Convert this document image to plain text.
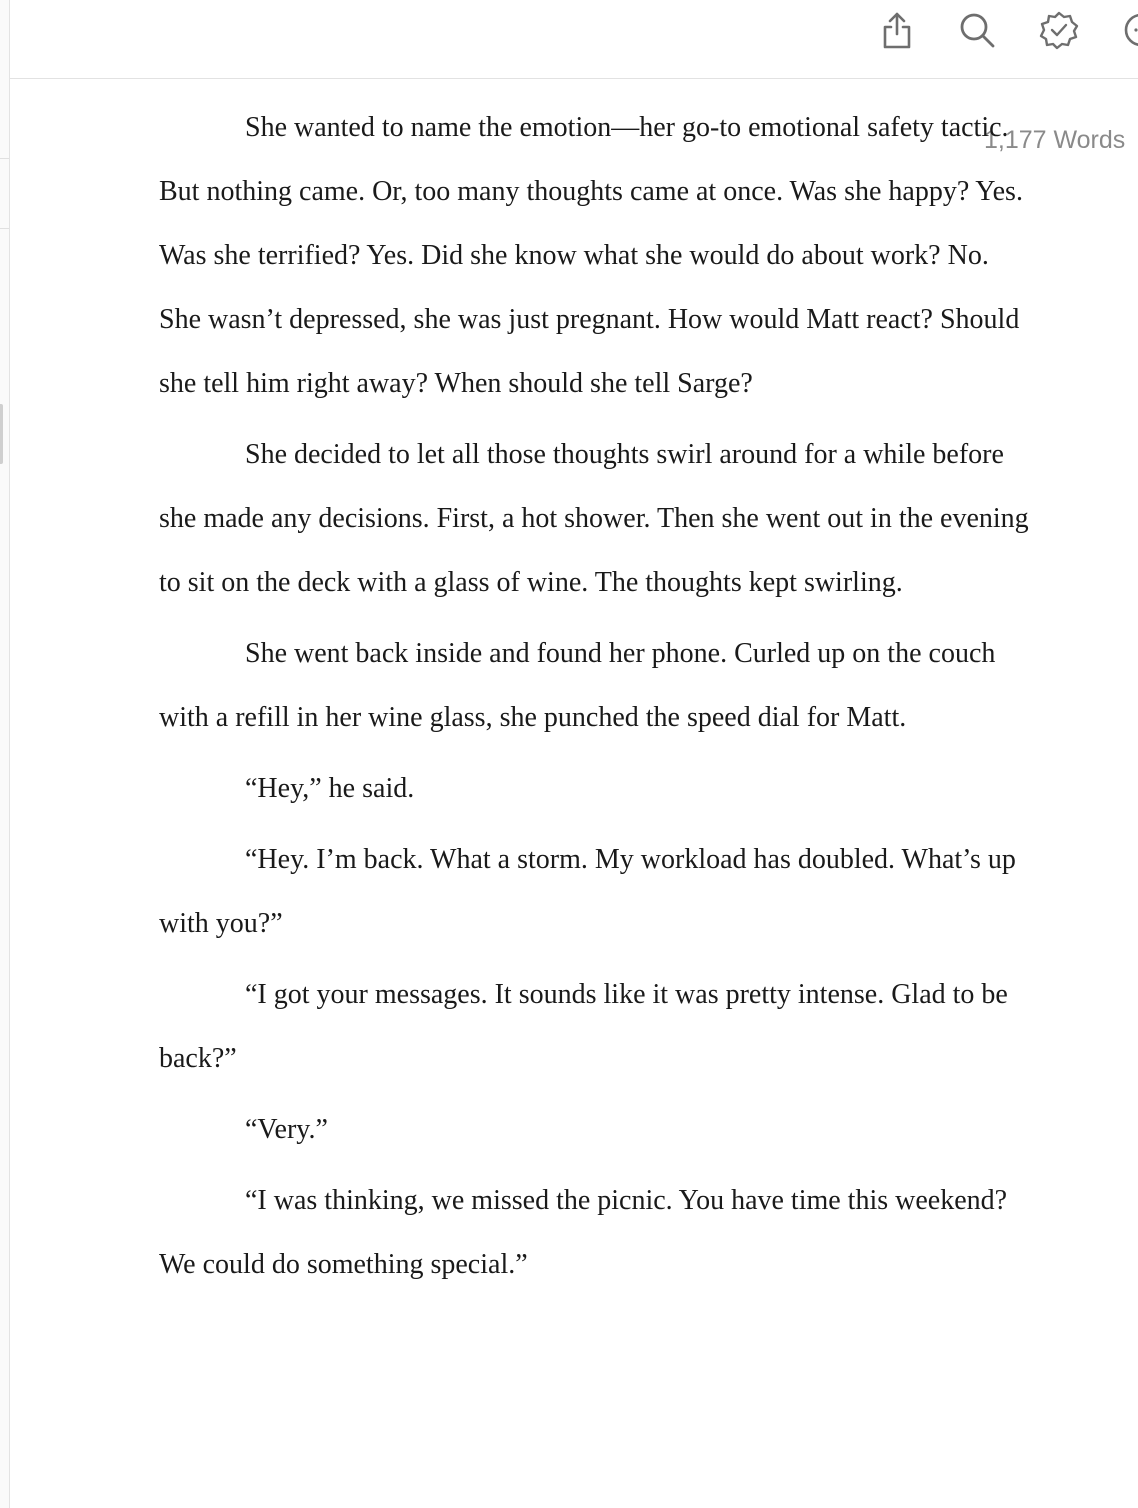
1,177 Words

She wanted to name the emotion—her go-to emotional safety tactic. But nothing came. Or, too many thoughts came at once. Was she happy? Yes. Was she terrified? Yes. Did she know what she would do about work? No. She wasn’t depressed, she was just pregnant. How would Matt react? Should she tell him right away? When should she tell Sarge?

She decided to let all those thoughts swirl around for a while before she made any decisions. First, a hot shower. Then she went out in the evening to sit on the deck with a glass of wine. The thoughts kept swirling.

She went back inside and found her phone. Curled up on the couch with a refill in her wine glass, she punched the speed dial for Matt.

“Hey,” he said.

“Hey. I’m back. What a storm. My workload has doubled. What’s up with you?”

“I got your messages. It sounds like it was pretty intense. Glad to be back?”

“Very.”

“I was thinking, we missed the picnic. You have time this weekend? We could do something special.”
